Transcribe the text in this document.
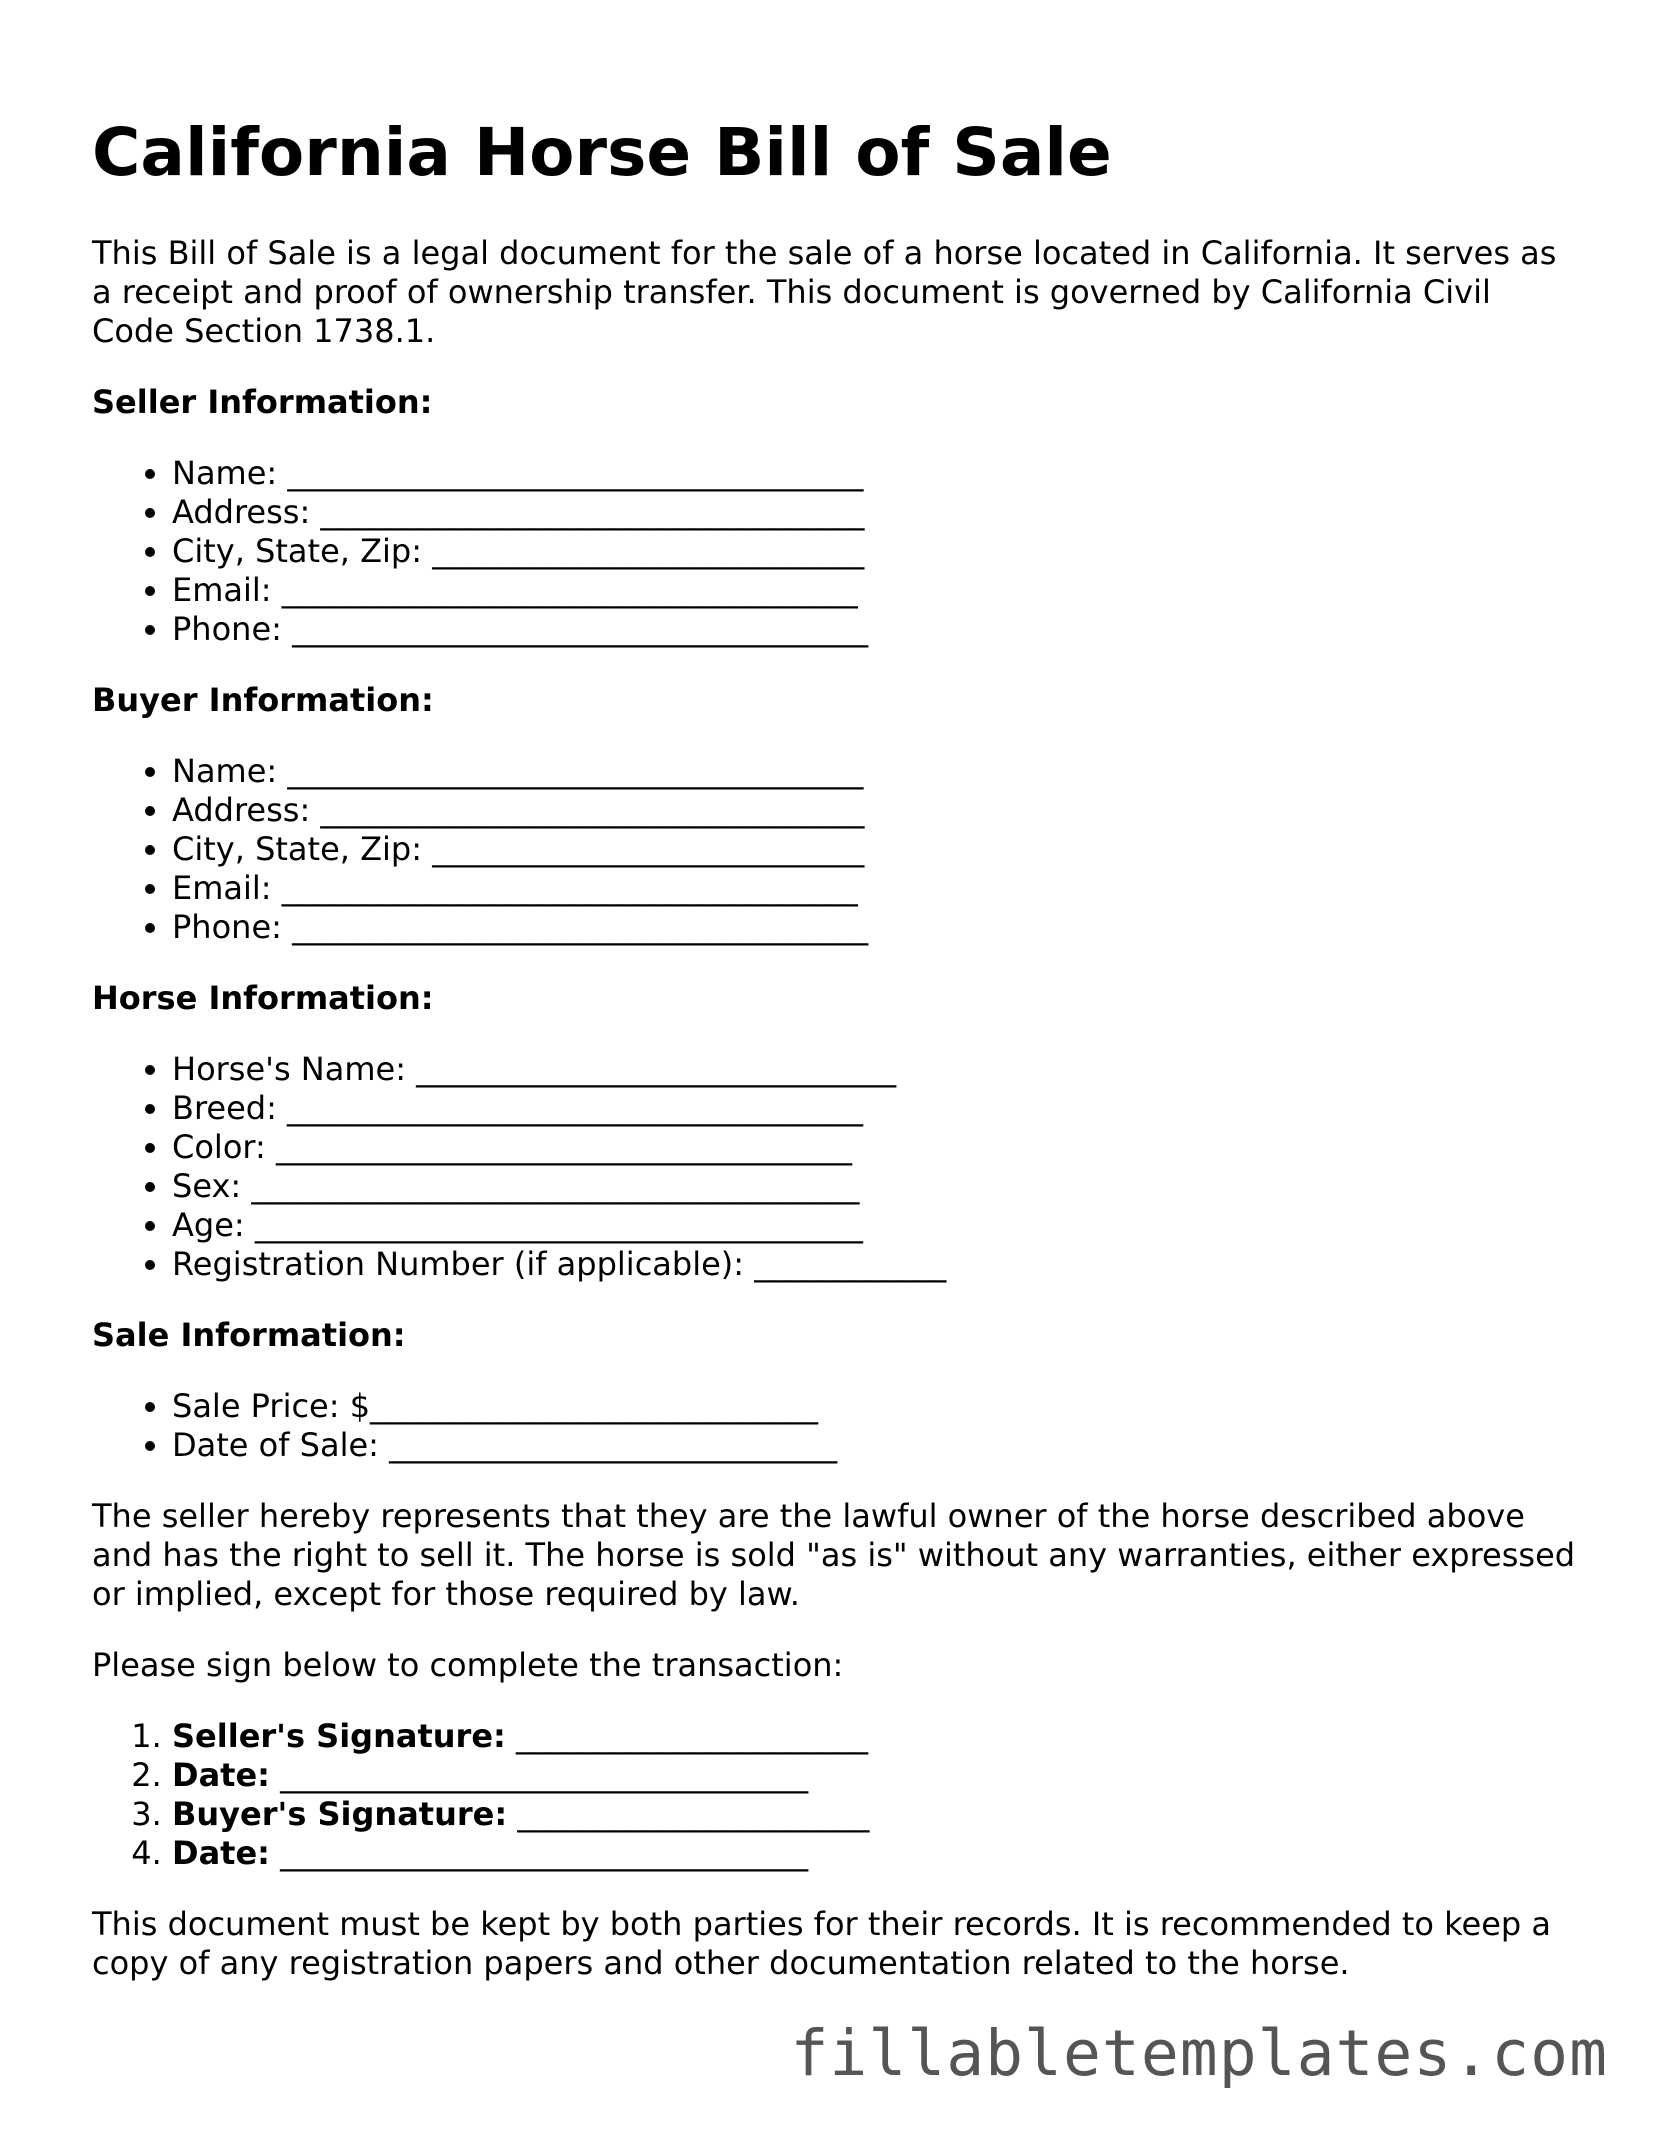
California Horse Bill of Sale

This Bill of Sale is a legal document for the sale of a horse located in California. It serves as a receipt and proof of ownership transfer. This document is governed by California Civil Code Section 1738.1.

Seller Information:
• Name: ____________________________________
• Address: __________________________________
• City, State, Zip: ___________________________
• Email: ____________________________________
• Phone: ____________________________________
Buyer Information:
• Name: ____________________________________
• Address: __________________________________
• City, State, Zip: ___________________________
• Email: ____________________________________
• Phone: ____________________________________
Horse Information:
• Horse's Name: ______________________________
• Breed: ____________________________________
• Color: ____________________________________
• Sex: ______________________________________
• Age: ______________________________________
• Registration Number (if applicable): ____________
Sale Information:
• Sale Price: $____________________________
• Date of Sale: ____________________________

The seller hereby represents that they are the lawful owner of the horse described above and has the right to sell it. The horse is sold "as is" without any warranties, either expressed or implied, except for those required by law.

Please sign below to complete the transaction:

1. Seller's Signature: ______________________
2. Date: _________________________________
3. Buyer's Signature: ______________________
4. Date: _________________________________

This document must be kept by both parties for their records. It is recommended to keep a copy of any registration papers and other documentation related to the horse.

fillabletemplates.com
